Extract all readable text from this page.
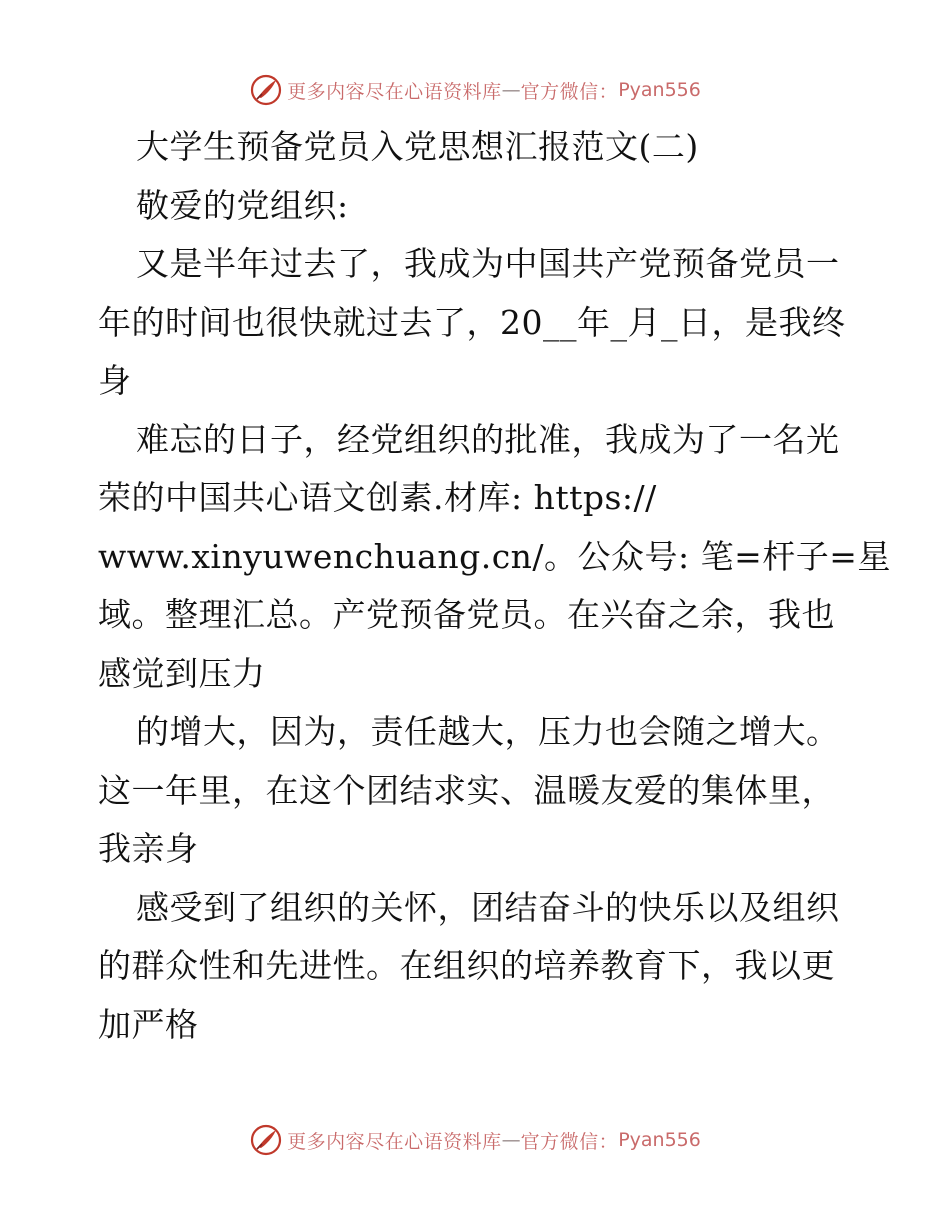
更多内容尽在心语资料库 — 官方微信： Pyan556
大学生预备党员入党思想汇报范文(二)
敬爱的党组织:
又是半年过去了，我成为中国共产党预备党员一
年的时间也很快就过去了，20__年_月_日，是我终
身
难忘的日子，经党组织的批准，我成为了一名光
荣的中国共心语文创素.材库: https://
www.xinyuwenchuang.cn/。公众号: 笔=杆子=星
域。整理汇总。产党预备党员。在兴奋之余，我也
感觉到压力
的增大，因为，责任越大，压力也会随之增大。
这一年里，在这个团结求实、温暖友爱的集体里，
我亲身
感受到了组织的关怀，团结奋斗的快乐以及组织
的群众性和先进性。在组织的培养教育下，我以更
加严格
更多内容尽在心语资料库 — 官方微信： Pyan556
